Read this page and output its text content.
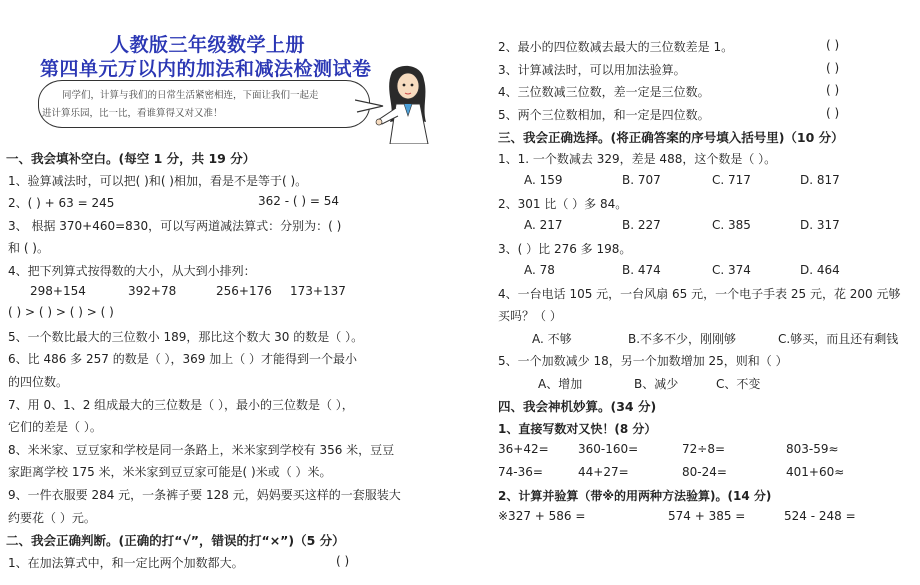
人教版三年级数学上册
第四单元万以内的加法和减法检测试卷
同学们，计算与我们的日常生活紧密相连，下面让我们一起走
进计算乐园，比一比，看谁算得又对又准！
一、我会填补空白。(每空 1 分，共 19 分）
1、验算减法时，可以把( )和( )相加，看是不是等于( )。
2、( ) + 63 = 245	362 - ( ) = 54
3、 根据 370+460=830，可以写两道减法算式：分别为：( )
和 ( )。
4、把下列算式按得数的大小，从大到小排列：
298+154	392+78	256+176 173+137
( ) > ( ) > ( ) > ( )
5、一个数比最大的三位数小 189，那比这个数大 30 的数是（ ）。
6、比 486 多 257 的数是（ ），369 加上（ ）才能得到一个最小
的四位数。
7、用 0、1、2 组成最大的三位数是（ ），最小的三位数是（ ），
它们的差是（ ）。
8、米米家、豆豆家和学校是同一条路上，米米家到学校有 356 米，豆豆
家距离学校 175 米，米米家到豆豆家可能是( )米或（ ）米。
9、一件衣服要 284 元，一条裤子要 128 元，妈妈要买这样的一套服装大
约要花（ ）元。
二、我会正确判断。(正确的打“√”，错误的打“×”)（5 分）
1、在加法算式中，和一定比两个加数都大。	( )
2、最小的四位数减去最大的三位数差是 1。	( )
3、计算减法时，可以用加法验算。	( )
4、三位数减三位数，差一定是三位数。	( )
5、两个三位数相加，和一定是四位数。	( )
三、我会正确选择。(将正确答案的序号填入括号里)（10 分）
1、1. 一个数减去 329，差是 488，这个数是（ ）。
A. 159	B. 707	C. 717	D. 817
2、301 比（ ）多 84。
A. 217	B. 227	C. 385	D. 317
3、( ）比 276 多 198。
A. 78	B. 474	C. 374	D. 464
4、一台电话 105 元，一台风扇 65 元，一个电子手表 25 元，花 200 元够
买吗？（ ）
A. 不够	B.不多不少，刚刚够	C.够买，而且还有剩钱
5、一个加数减少 18，另一个加数增加 25，则和（ ）
A、增加	B、减少	C、不变
四、我会神机妙算。(34 分)
1、直接写数对又快！(8 分）
36+42= 360-160=	72÷8=	803-59≈
74-36=	44+27=	80-24=	401+60≈
2、计算并验算（带※的用两种方法验算)。(14 分)
※327 + 586 =	574 + 385 =	524 - 248 =
